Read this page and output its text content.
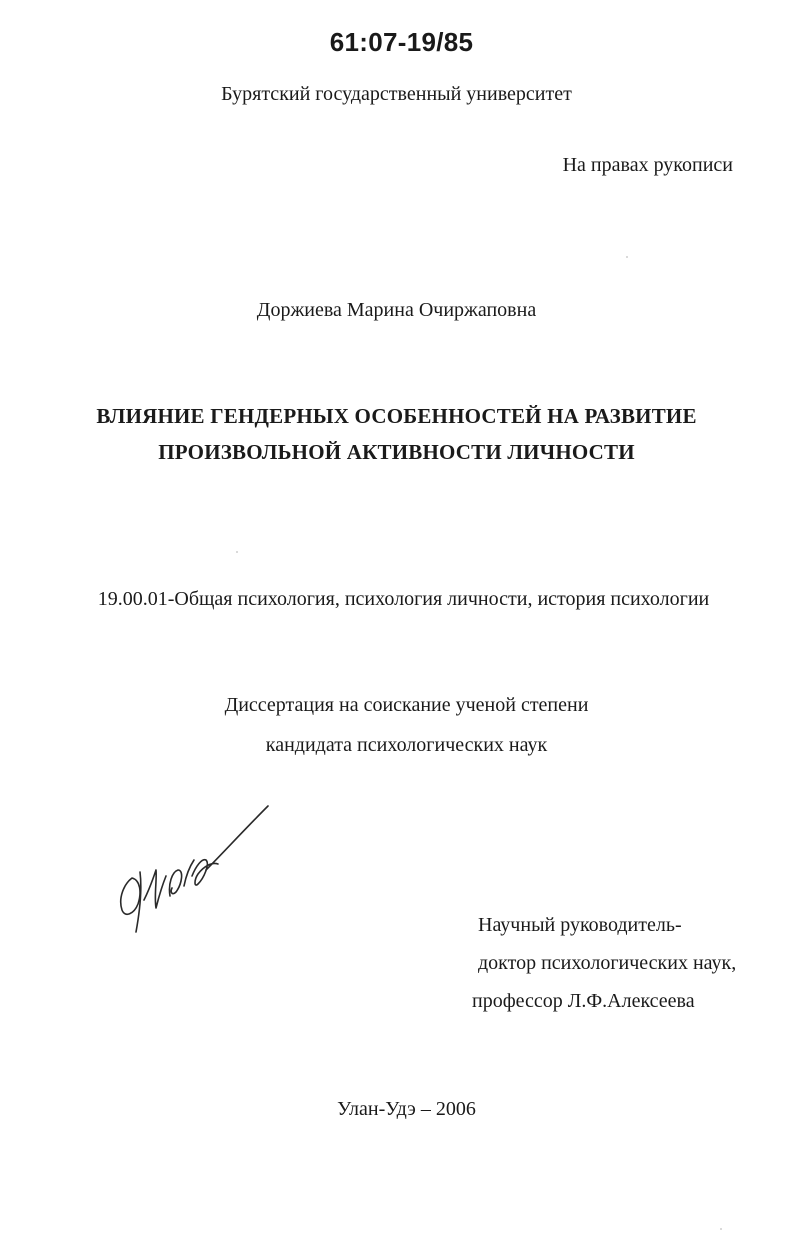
61:07-19/85
Бурятский государственный университет
На правах рукописи
Доржиева Марина Очиржаповна
ВЛИЯНИЕ ГЕНДЕРНЫХ ОСОБЕННОСТЕЙ НА РАЗВИТИЕ
ПРОИЗВОЛЬНОЙ АКТИВНОСТИ ЛИЧНОСТИ
19.00.01-Общая психология, психология личности, история психологии
Диссертация на соискание ученой степени
кандидата психологических наук
Научный руководитель-
доктор психологических наук,
профессор Л.Ф.Алексеева
Улан-Удэ – 2006
